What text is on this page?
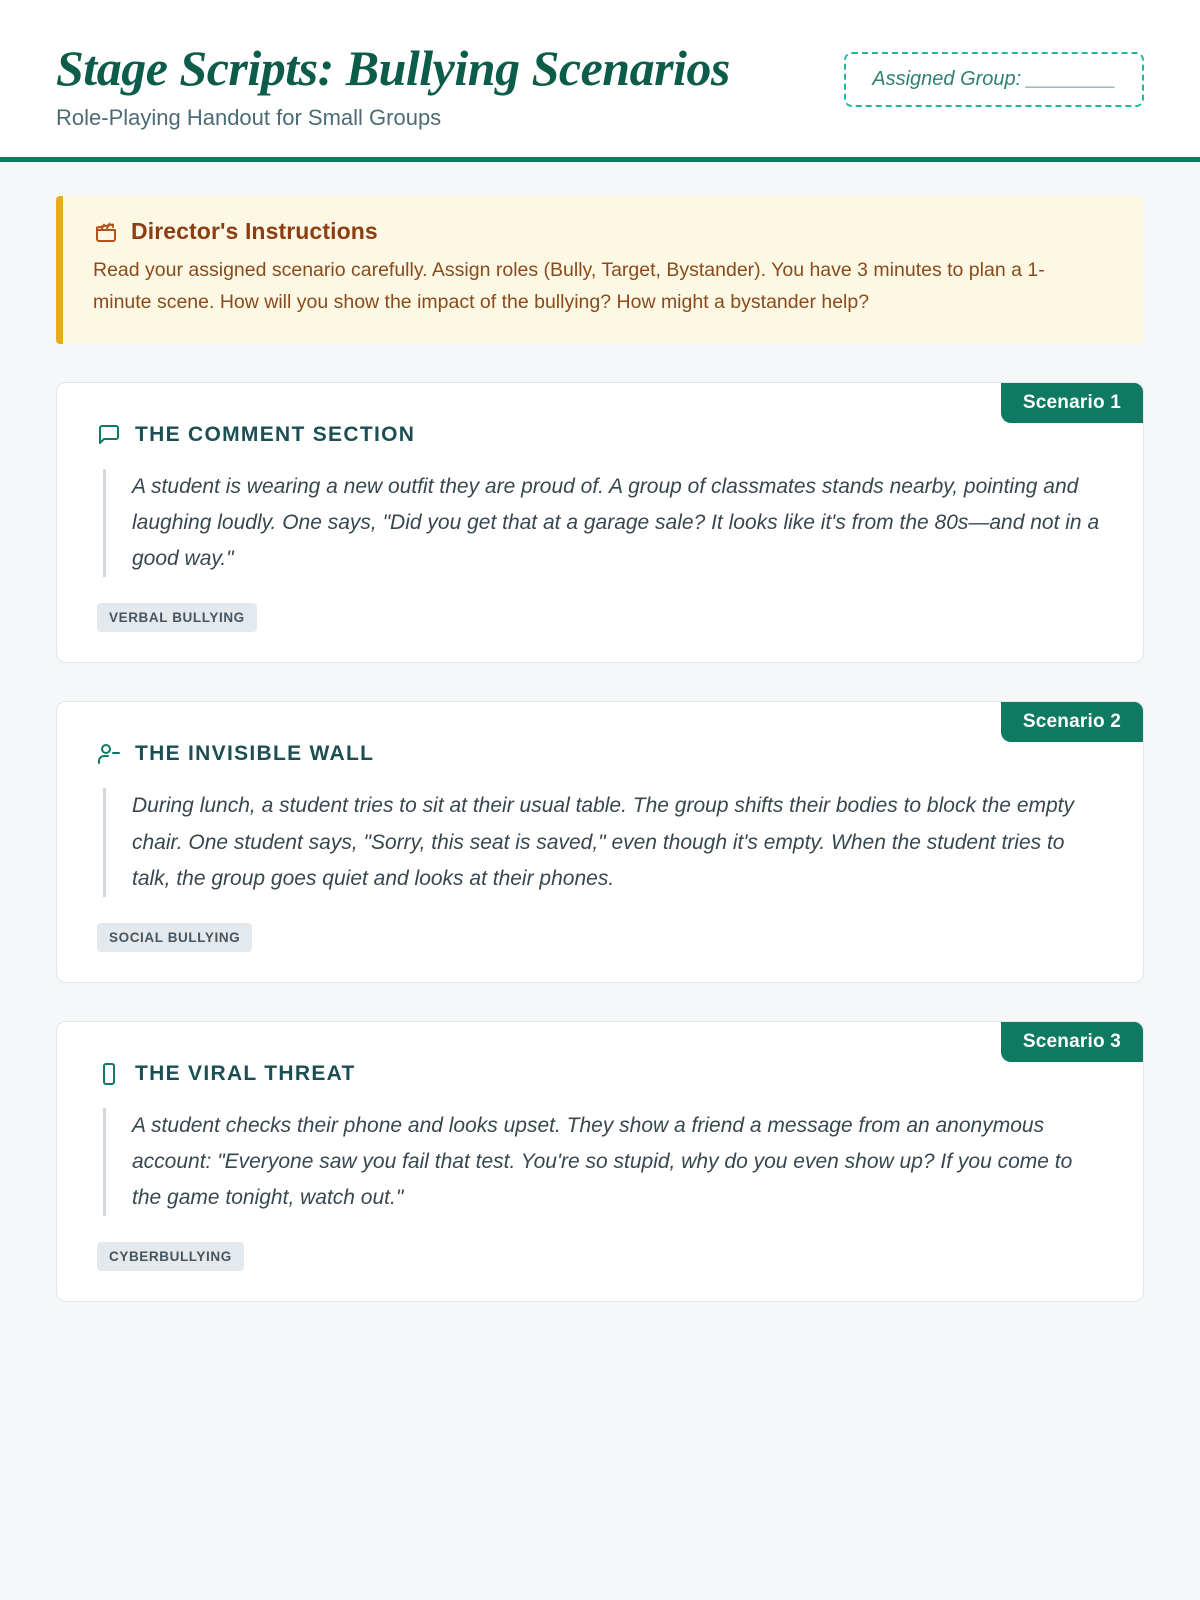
Stage Scripts: Bullying Scenarios

Role-Playing Handout for Small Groups

Assigned Group: ________
Director's Instructions

Read your assigned scenario carefully. Assign roles (Bully, Target, Bystander). You have 3 minutes to plan a 1-minute scene. How will you show the impact of the bullying? How might a bystander help?

Scenario 1
THE COMMENT SECTION

A student is wearing a new outfit they are proud of. A group of classmates stands nearby, pointing and laughing loudly. One says, "Did you get that at a garage sale? It looks like it's from the 80s—and not in a good way."

VERBAL BULLYING
Scenario 2
THE INVISIBLE WALL

During lunch, a student tries to sit at their usual table. The group shifts their bodies to block the empty chair. One student says, "Sorry, this seat is saved," even though it's empty. When the student tries to talk, the group goes quiet and looks at their phones.

SOCIAL BULLYING
Scenario 3
THE VIRAL THREAT

A student checks their phone and looks upset. They show a friend a message from an anonymous account: "Everyone saw you fail that test. You're so stupid, why do you even show up? If you come to the game tonight, watch out."

CYBERBULLYING
